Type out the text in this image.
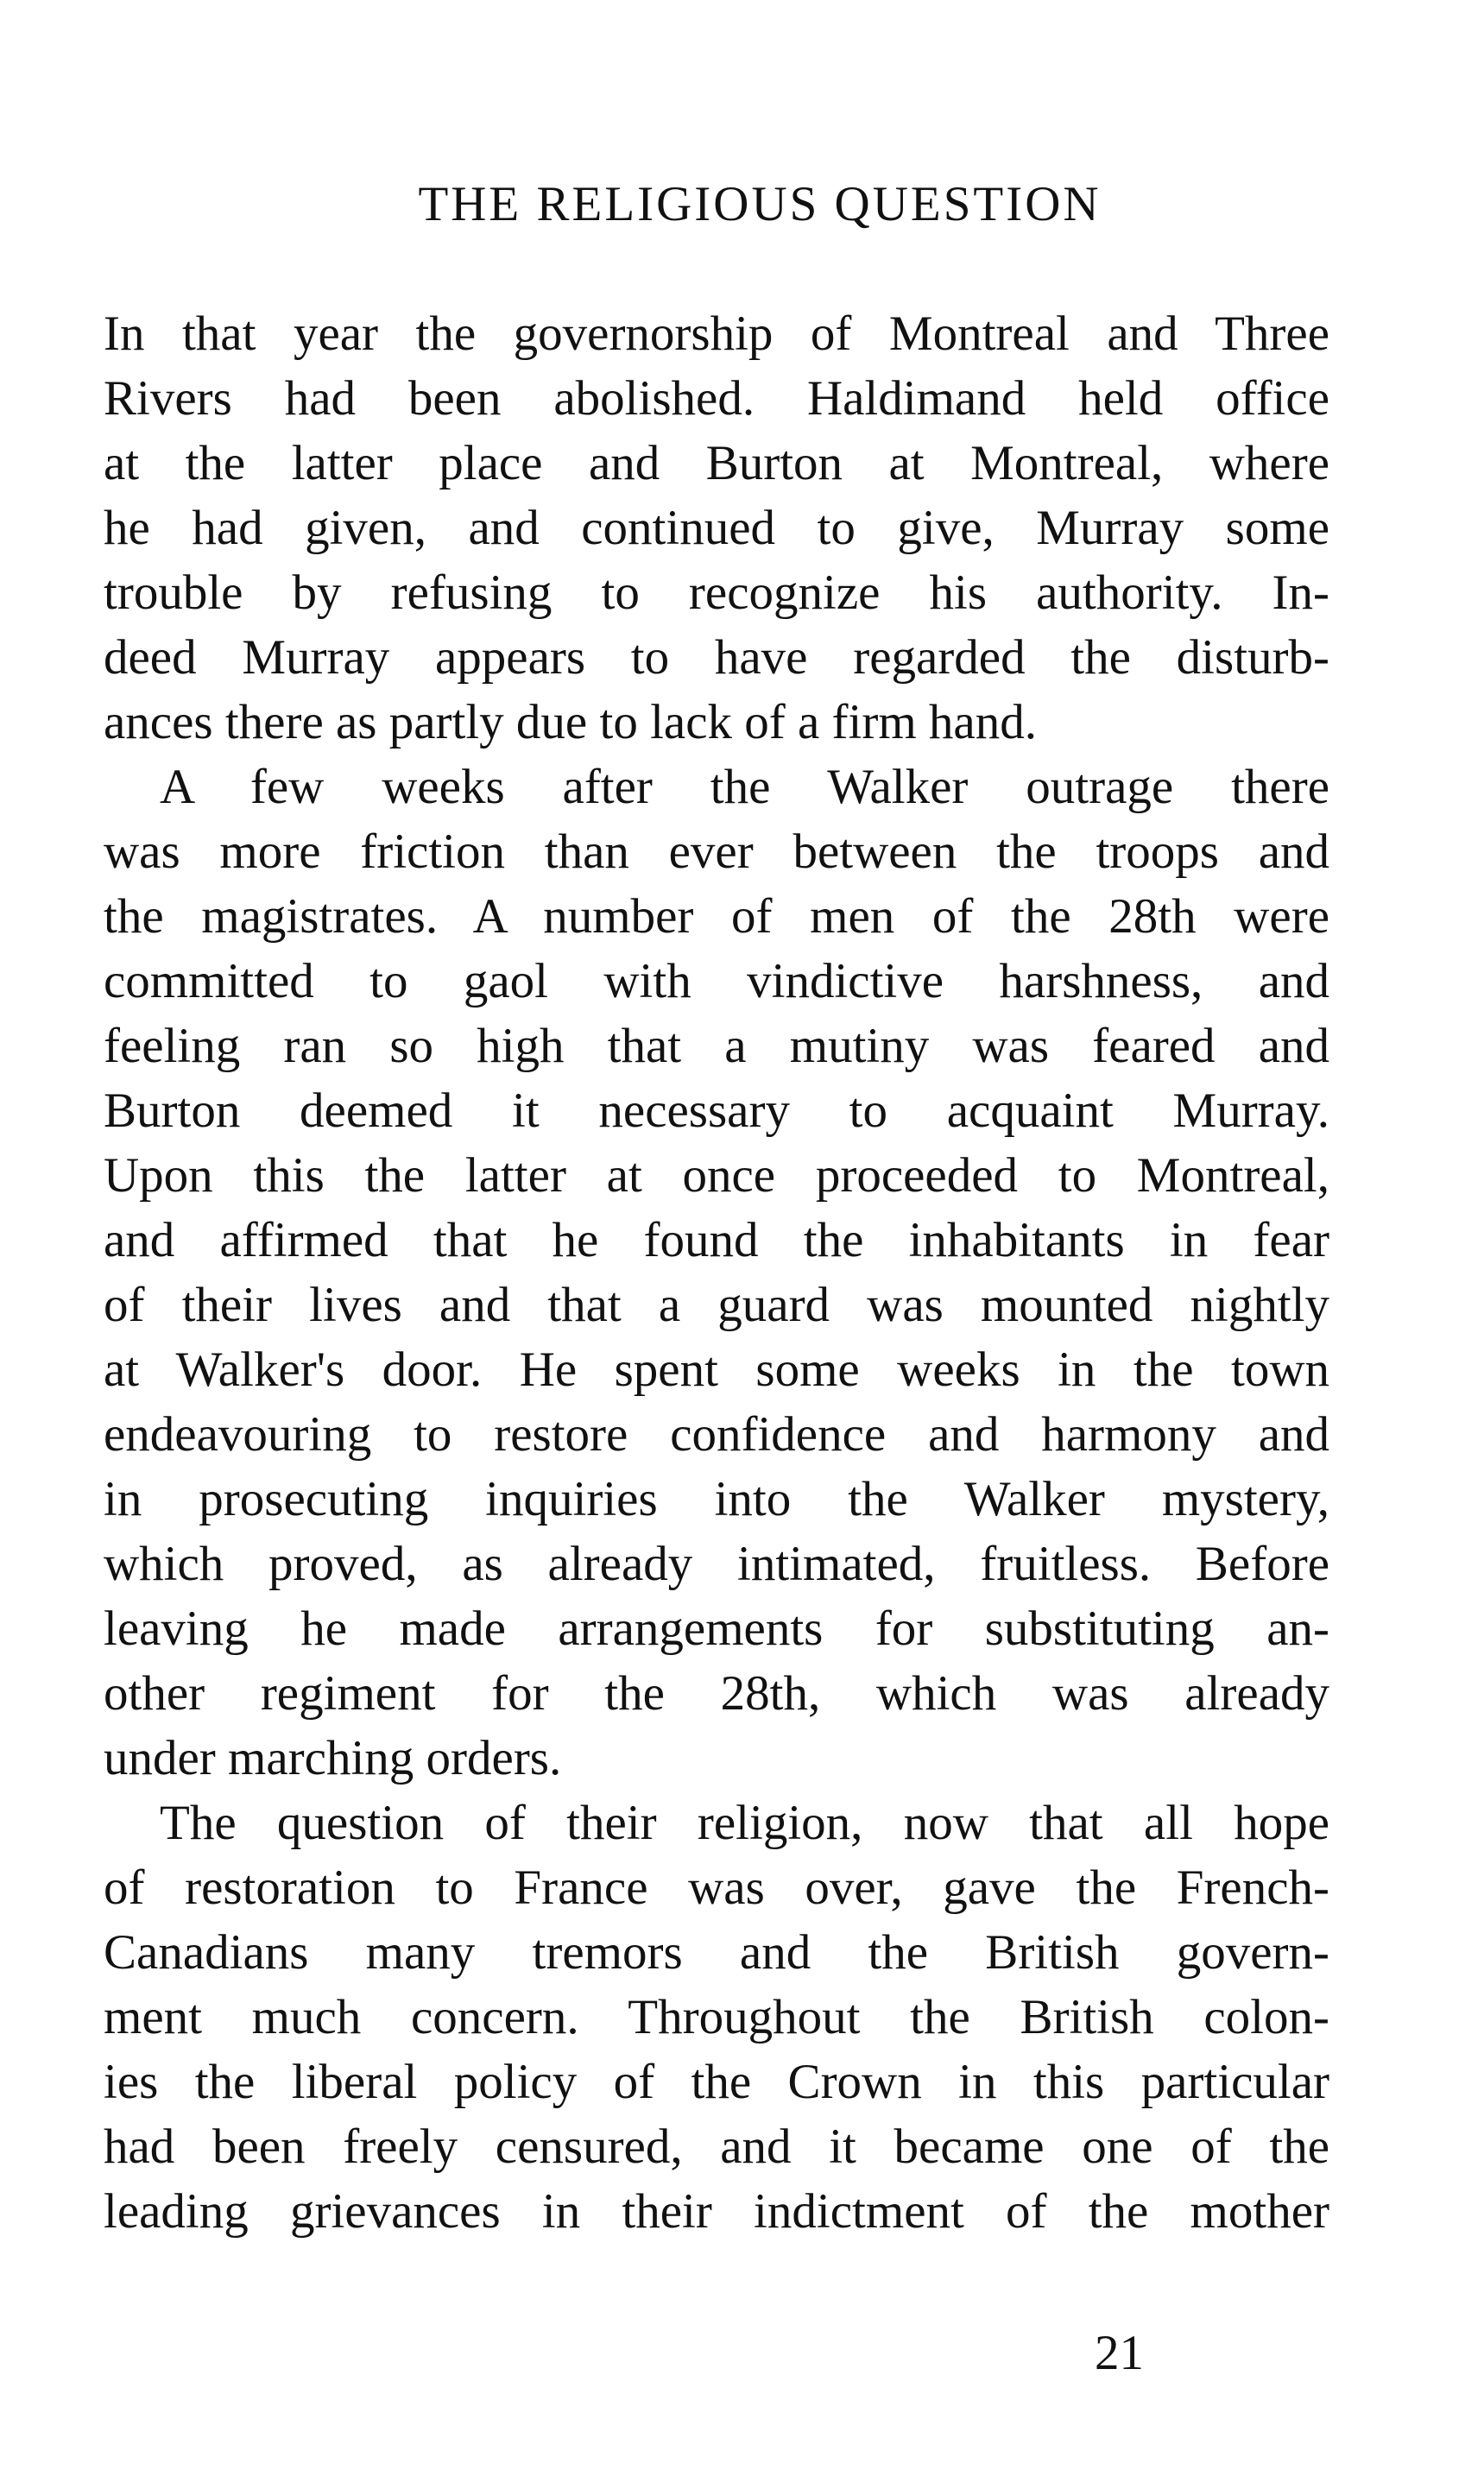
THE RELIGIOUS QUESTION
In that year the governorship of Montreal and Three
Rivers had been abolished. Haldimand held office
at the latter place and Burton at Montreal, where
he had given, and continued to give, Murray some
trouble by refusing to recognize his authority. In-
deed Murray appears to have regarded the disturb-
ances there as partly due to lack of a firm hand.
A few weeks after the Walker outrage there
was more friction than ever between the troops and
the magistrates. A number of men of the 28th were
committed to gaol with vindictive harshness, and
feeling ran so high that a mutiny was feared and
Burton deemed it necessary to acquaint Murray.
Upon this the latter at once proceeded to Montreal,
and affirmed that he found the inhabitants in fear
of their lives and that a guard was mounted nightly
at Walker's door. He spent some weeks in the town
endeavouring to restore confidence and harmony and
in prosecuting inquiries into the Walker mystery,
which proved, as already intimated, fruitless. Before
leaving he made arrangements for substituting an-
other regiment for the 28th, which was already
under marching orders.
The question of their religion, now that all hope
of restoration to France was over, gave the French-
Canadians many tremors and the British govern-
ment much concern. Throughout the British colon-
ies the liberal policy of the Crown in this particular
had been freely censured, and it became one of the
leading grievances in their indictment of the mother
21
